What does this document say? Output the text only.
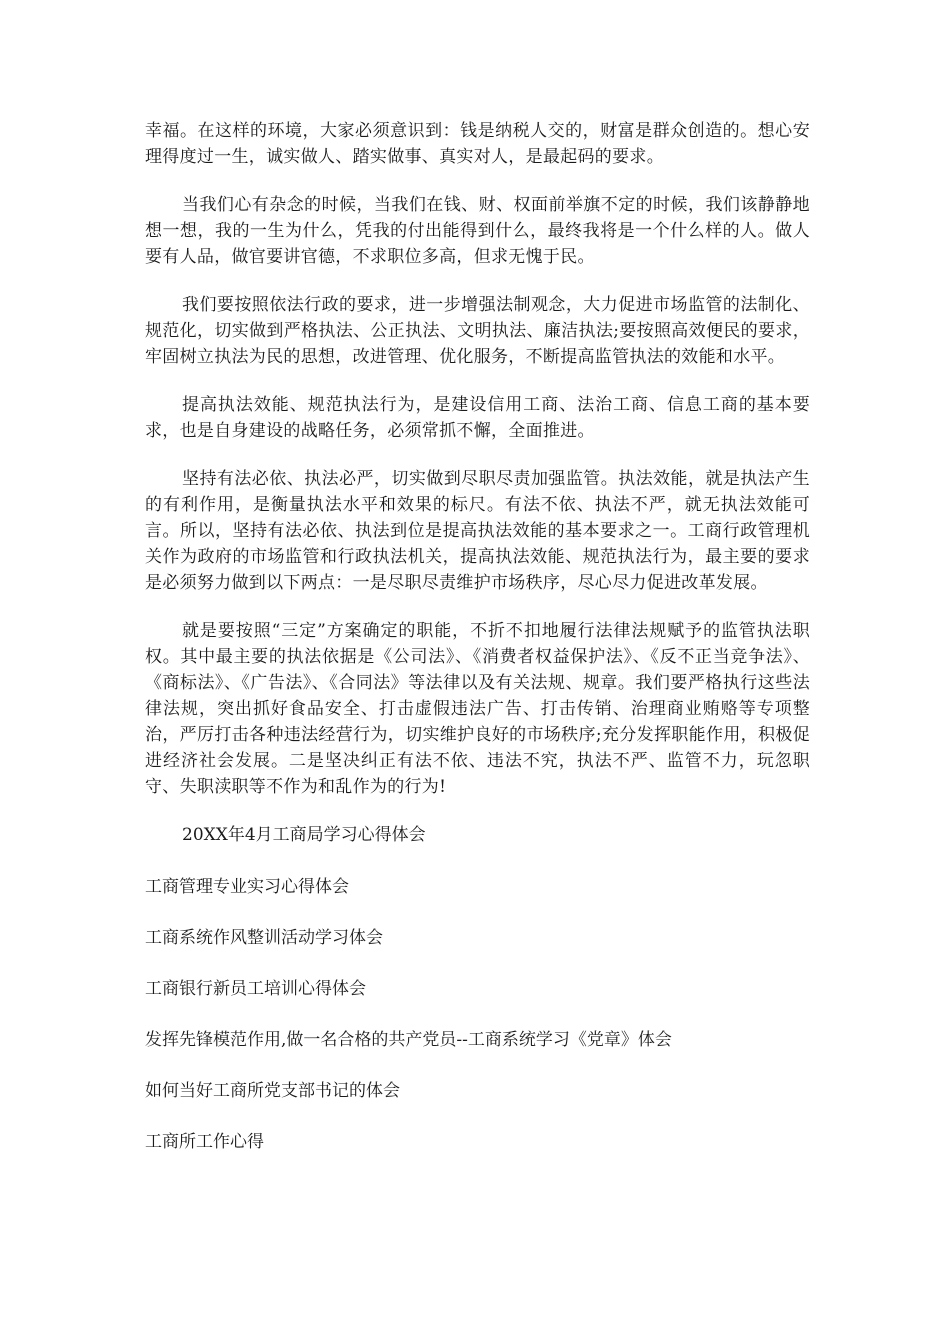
幸福。在这样的环境，大家必须意识到：钱是纳税人交的，财富是群众创造的。想心安理得度过一生，诚实做人、踏实做事、真实对人，是最起码的要求。

当我们心有杂念的时候，当我们在钱、财、权面前举旗不定的时候，我们该静静地想一想，我的一生为什么，凭我的付出能得到什么，最终我将是一个什么样的人。做人要有人品，做官要讲官德，不求职位多高，但求无愧于民。

我们要按照依法行政的要求，进一步增强法制观念，大力促进市场监管的法制化、规范化，切实做到严格执法、公正执法、文明执法、廉洁执法;要按照高效便民的要求，牢固树立执法为民的思想，改进管理、优化服务，不断提高监管执法的效能和水平。

提高执法效能、规范执法行为，是建设信用工商、法治工商、信息工商的基本要求，也是自身建设的战略任务，必须常抓不懈，全面推进。

坚持有法必依、执法必严，切实做到尽职尽责加强监管。执法效能，就是执法产生的有利作用，是衡量执法水平和效果的标尺。有法不依、执法不严，就无执法效能可言。所以，坚持有法必依、执法到位是提高执法效能的基本要求之一。工商行政管理机关作为政府的市场监管和行政执法机关，提高执法效能、规范执法行为，最主要的要求是必须努力做到以下两点：一是尽职尽责维护市场秩序，尽心尽力促进改革发展。

就是要按照“三定”方案确定的职能，不折不扣地履行法律法规赋予的监管执法职权。其中最主要的执法依据是《公司法》、《消费者权益保护法》、《反不正当竞争法》、《商标法》、《广告法》、《合同法》等法律以及有关法规、规章。我们要严格执行这些法律法规，突出抓好食品安全、打击虚假违法广告、打击传销、治理商业贿赂等专项整治，严厉打击各种违法经营行为，切实维护良好的市场秩序;充分发挥职能作用，积极促进经济社会发展。二是坚决纠正有法不依、违法不究，执法不严、监管不力，玩忽职守、失职渎职等不作为和乱作为的行为!

20XX年4月工商局学习心得体会

工商管理专业实习心得体会
工商系统作风整训活动学习体会
工商银行新员工培训心得体会
发挥先锋模范作用,做一名合格的共产党员--工商系统学习《党章》体会
如何当好工商所党支部书记的体会
工商所工作心得
